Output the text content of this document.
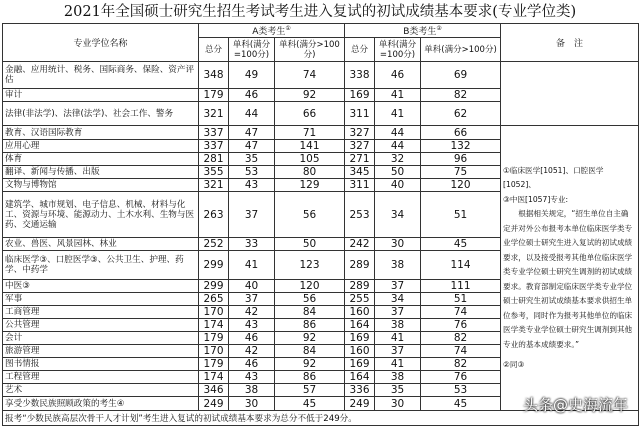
2021年全国硕士研究生招生考试考生进入复试的初试成绩基本要求(专业学位类)
专业学位名称	A类考生①			B类考生②			备　注
	总分	单科(满分=100分)	单科(满分>100分)	总分	单科(满分=100分)	单科(满分>100分)	
金融、应用统计、税务、国际商务、保险、资产评估	348	49	74	338	46	69	
审计	179	46	92	169	41	82	
法律(非法学)、法律(法学)、社会工作、警务	321	44	66	311	41	62	
教育、汉语国际教育	337	47	71	327	44	66	①临床医学[1051]、口腔医学[1052]、
③中医[1057]专业:
根据相关规定，“招生单位自主确定并对外公布报考本单位临床医学类专业学位硕士研究生进入复试的初试成绩要求，以及接受报考其他单位临床医学类专业学位硕士研究生调剂的初试成绩要求。教育部制定临床医学类专业学位硕士研究生初试成绩基本要求供招生单位参考，同时作为报考其他单位的临床医学类专业学位硕士研究生调剂到其他专业的基本成绩要求。”
②同③

应用心理	337	47	141	327	44	132	
体育	281	35	105	271	32	96	
翻译、新闻与传播、出版	355	53	80	345	50	75	
文物与博物馆	321	43	129	311	40	120	
建筑学、城市规划、电子信息、机械、材料与化工、资源与环境、能源动力、土木水利、生物与医药、交通运输	263	37	56	253	34	51	
农业、兽医、风景园林、林业	252	33	50	242	30	45	
临床医学③、口腔医学③、公共卫生、护理、药学、中药学	299	41	123	289	38	114	
中医③	299	40	120	289	37	111	
军事	265	37	56	255	34	51	
工商管理	170	42	84	160	37	74	
公共管理	174	43	86	164	38	76	
会计	179	46	92	169	41	82	
旅游管理	170	42	84	160	37	74	
图书情报	179	46	92	169	41	82	
工程管理	174	43	86	164	38	76	
艺术	346	38	57	336	35	53	
享受少数民族照顾政策的考生④	249	30	45	249	30	45	
报考“少数民族高层次骨干人才计划”考生进入复试的初试成绩基本要求为总分不低于249分。							
头条@史海流年
